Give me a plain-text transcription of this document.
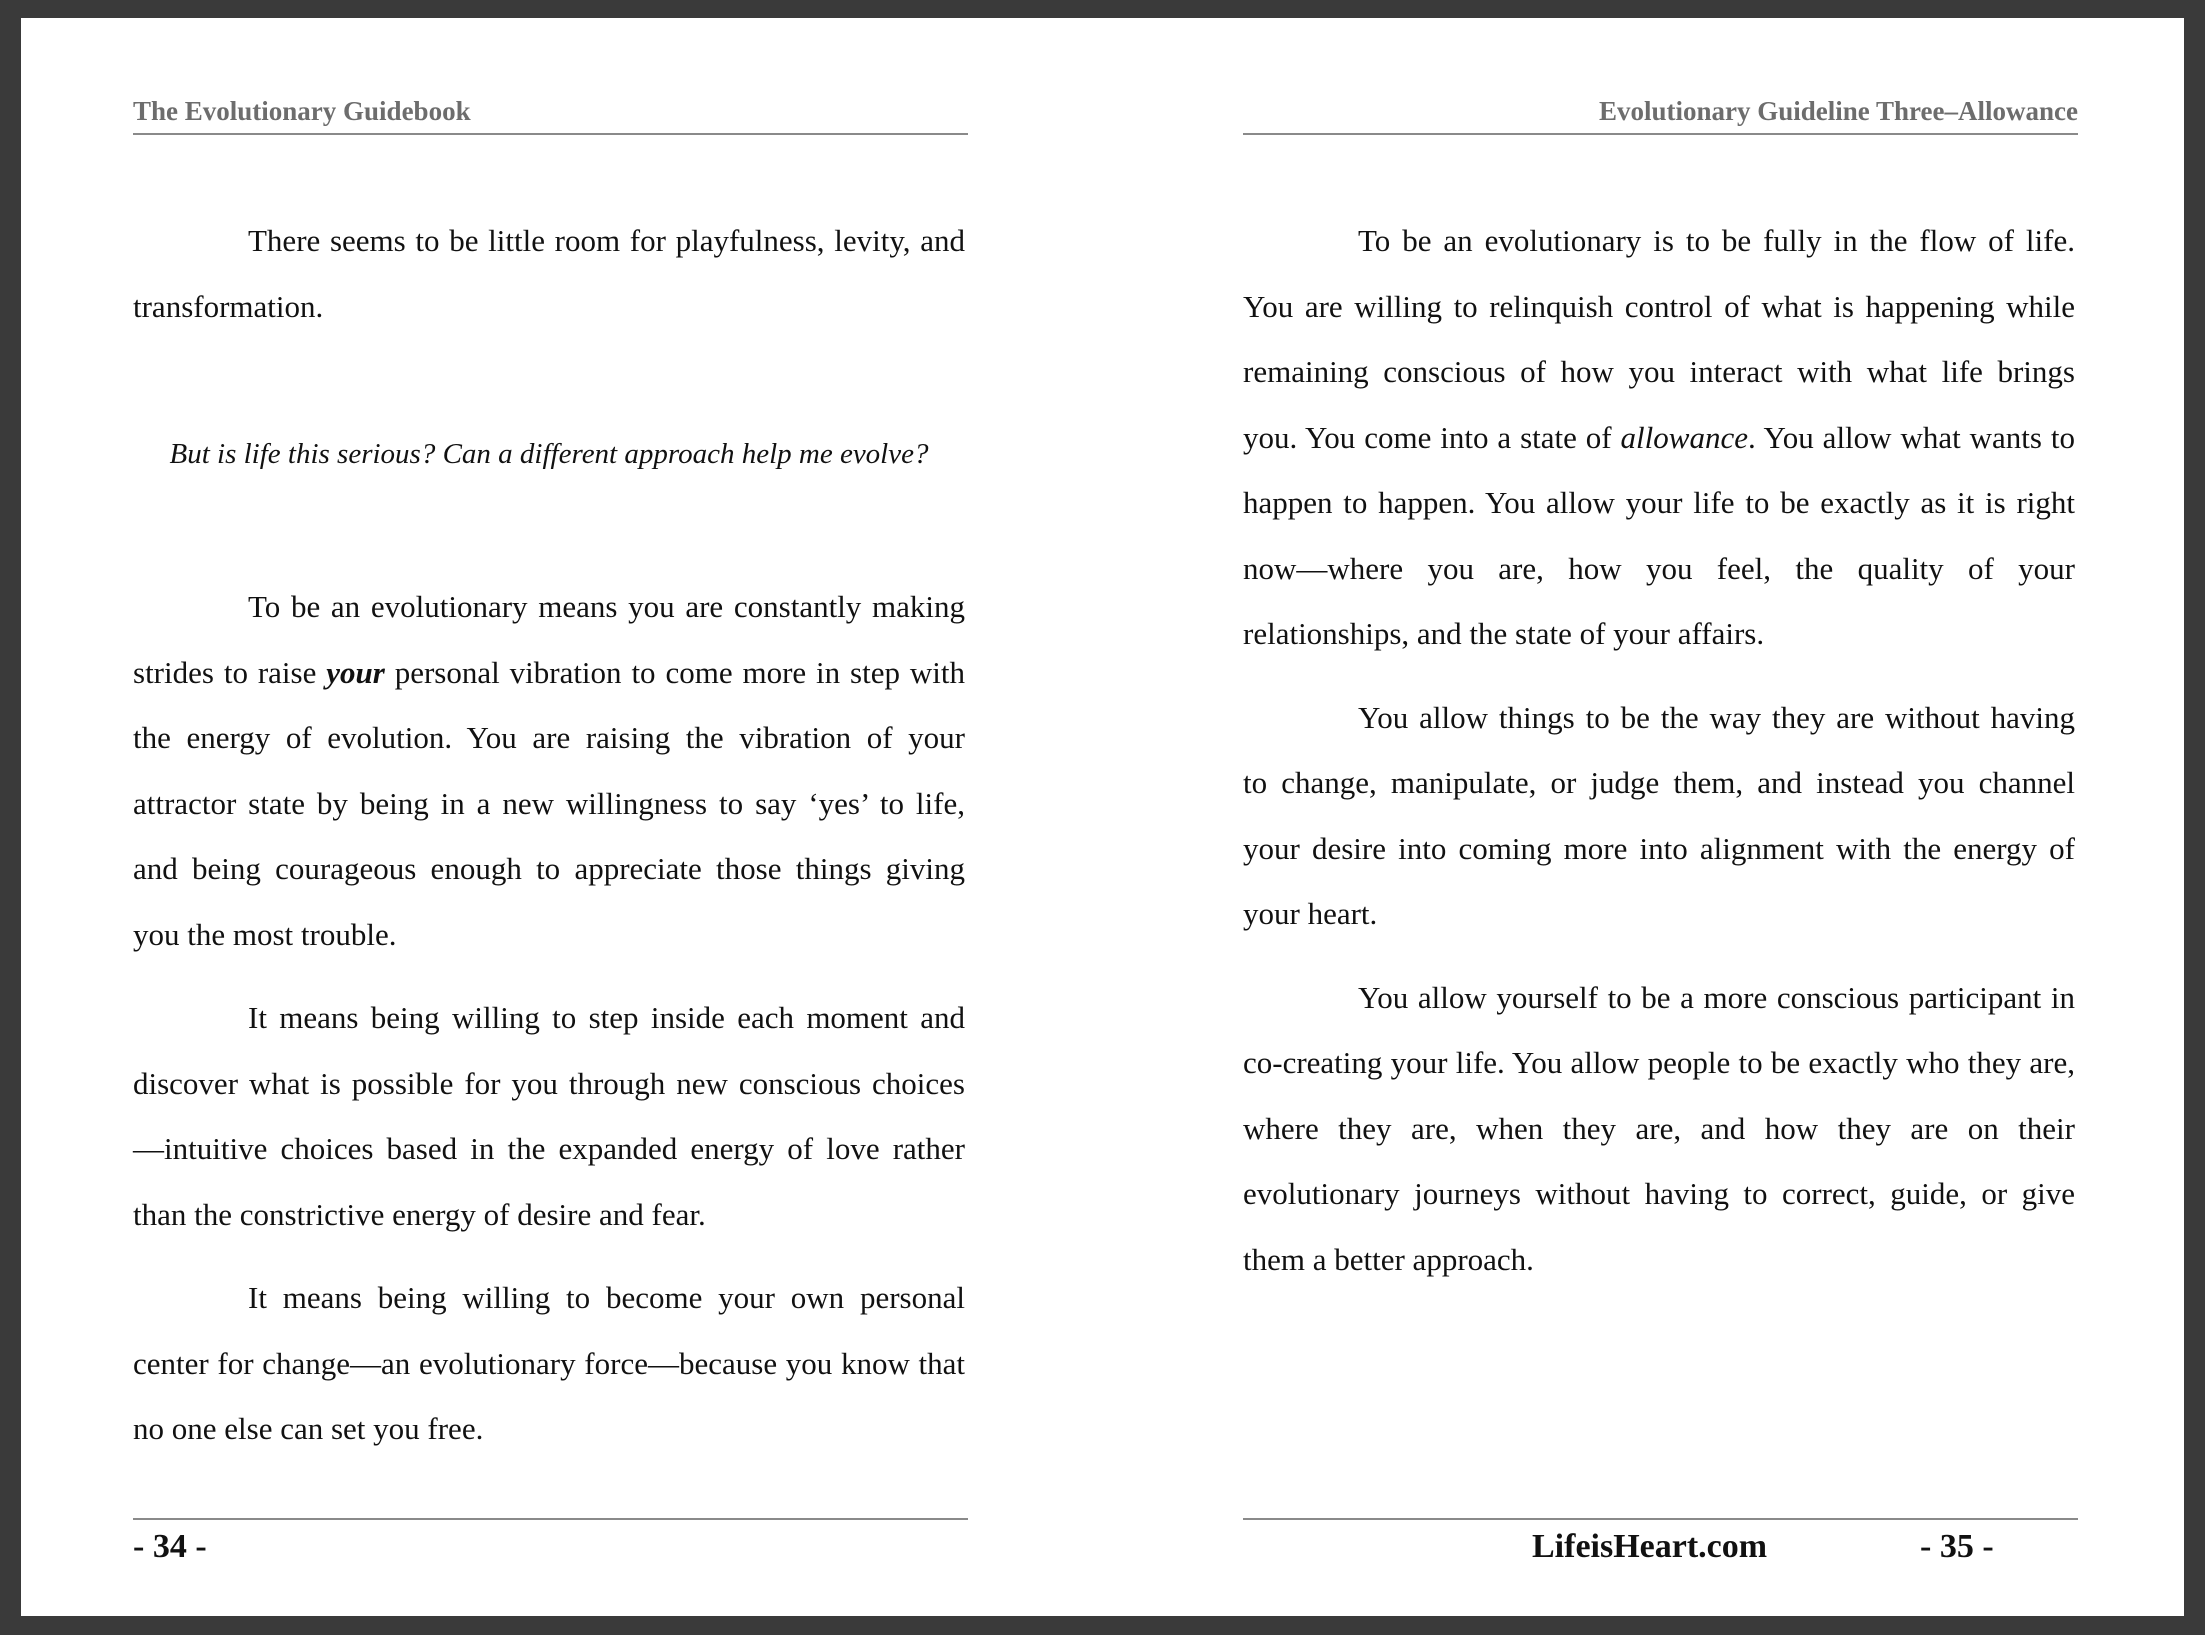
The Evolutionary Guidebook

There seems to be little room for playfulness, levity, and transformation.

But is life this serious? Can a different approach help me evolve?

To be an evolutionary means you are constantly making strides to raise your personal vibration to come more in step with the energy of evolution. You are raising the vibration of your attractor state by being in a new willingness to say ‘yes’ to life, and being courageous enough to appreciate those things giving you the most trouble.

It means being willing to step inside each moment and discover what is possible for you through new conscious choices—intuitive choices based in the expanded energy of love rather than the constrictive energy of desire and fear.

It means being willing to become your own personal center for change—an evolutionary force—because you know that no one else can set you free.

- 34 -
Evolutionary Guideline Three–Allowance

To be an evolutionary is to be fully in the flow of life. You are willing to relinquish control of what is happening while remaining conscious of how you interact with what life brings you. You come into a state of allowance. You allow what wants to happen to happen. You allow your life to be exactly as it is right now—where you are, how you feel, the quality of your relationships, and the state of your affairs.

You allow things to be the way they are without having to change, manipulate, or judge them, and instead you channel your desire into coming more into alignment with the energy of your heart.

You allow yourself to be a more conscious participant in co-creating your life. You allow people to be exactly who they are, where they are, when they are, and how they are on their evolutionary journeys without having to correct, guide, or give them a better approach.

LifeisHeart.com	- 35 -
